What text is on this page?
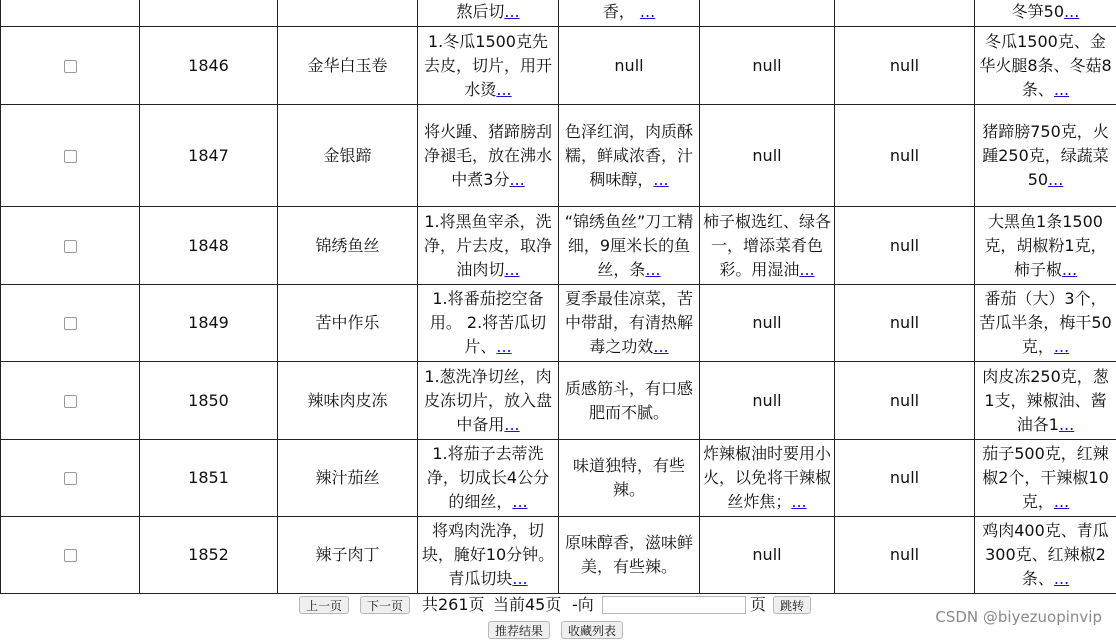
			熬后切...	香， ...			冬笋50...
	1846	金华白玉卷	1.冬瓜1500克先去皮，切片，用开水烫...	null	null	null	冬瓜1500克、金华火腿8条、冬菇8条、...
	1847	金银蹄	将火踵、猪蹄膀刮净褪毛，放在沸水中煮3分...	色泽红润，肉质酥糯，鲜咸浓香，汁稠味醇，...	null	null	猪蹄膀750克，火踵250克，绿蔬菜50...
	1848	锦绣鱼丝	1.将黑鱼宰杀，洗净，片去皮，取净油肉切...	“锦绣鱼丝”刀工精细，9厘米长的鱼丝，条...	柿子椒选红、绿各一，增添菜肴色彩。用湿油...	null	大黑鱼1条1500克，胡椒粉1克，柿子椒...
	1849	苦中作乐	1.将番茄挖空备用。 2.将苦瓜切片、...	夏季最佳凉菜，苦中带甜，有清热解毒之功效...	null	null	番茄（大）3个，苦瓜半条，梅干50克，...
	1850	辣味肉皮冻	1.葱洗净切丝，肉皮冻切片，放入盘中备用...	质感筋斗，有口感肥而不腻。	null	null	肉皮冻250克，葱1支，辣椒油、酱油各1...
	1851	辣汁茄丝	1.将茄子去蒂洗净，切成长4公分的细丝，...	味道独特，有些辣。	炸辣椒油时要用小火，以免将干辣椒丝炸焦；...	null	茄子500克，红辣椒2个，干辣椒10克，...
	1852	辣子肉丁	将鸡肉洗净，切块，腌好10分钟。青瓜切块...	原味醇香，滋味鲜美，有些辣。	null	null	鸡肉400克、青瓜300克、红辣椒2条、...
上一页	下一页	共261页 当前45页 -向	页	跳转
推荐结果	收藏列表
CSDN @biyezuopinvip
